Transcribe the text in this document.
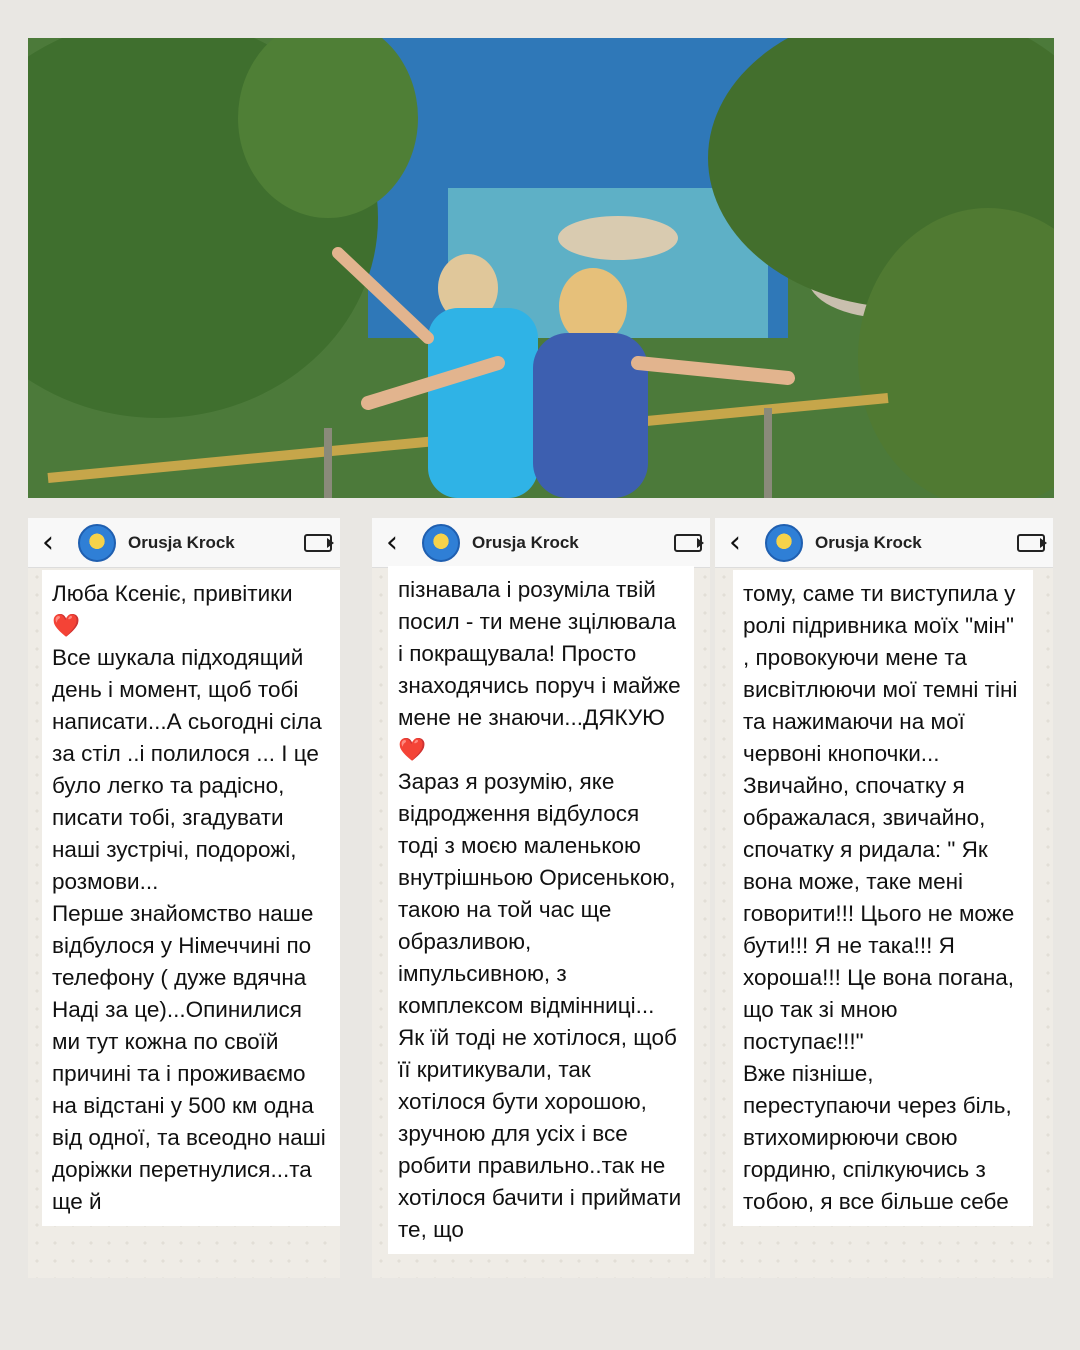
‹	Orusja Krock
Люба Ксеніє, привітики
❤️
Все шукала підходящий день і момент, щоб тобі написати...А сьогодні сіла за стіл ..і полилося ... І це було легко та радісно, писати тобі, згадувати наші зустрічі, подорожі, розмови...
Перше знайомство наше відбулося у Німеччині по телефону ( дуже вдячна Наді за це)...Опинилися ми тут кожна по своїй причині та і проживаємо на відстані у 500 км одна від одної, та всеодно наші доріжки перетнулися...та ще й
‹	Orusja Krock
пізнавала і розуміла твій посил - ти мене зцілювала і покращувала! Просто знаходячись поруч і майже мене не знаючи...ДЯКУЮ ❤️
Зараз я розумію, яке відродження відбулося тоді з моєю маленькою внутрішньою Орисенькою, такою на той час ще образливою, імпульсивною, з комплексом відмінниці... Як їй тоді не хотілося, щоб її критикували, так хотілося бути хорошою, зручною для усіх і все робити правильно..так не хотілося бачити і приймати те, що
‹	Orusja Krock
тому, саме ти виступила у ролі підривника моїх "мін" , провокуючи мене та висвітлюючи мої темні тіні та нажимаючи на мої червоні кнопочки... Звичайно, спочатку я ображалася, звичайно, спочатку я ридала: " Як вона може, таке мені говорити!!! Цього не може бути!!! Я не така!!! Я хороша!!! Це вона погана, що так зі мною поступає!!!"
Вже пізніше, переступаючи через біль, втихомирюючи свою гординю, спілкуючись з тобою, я все більше себе
